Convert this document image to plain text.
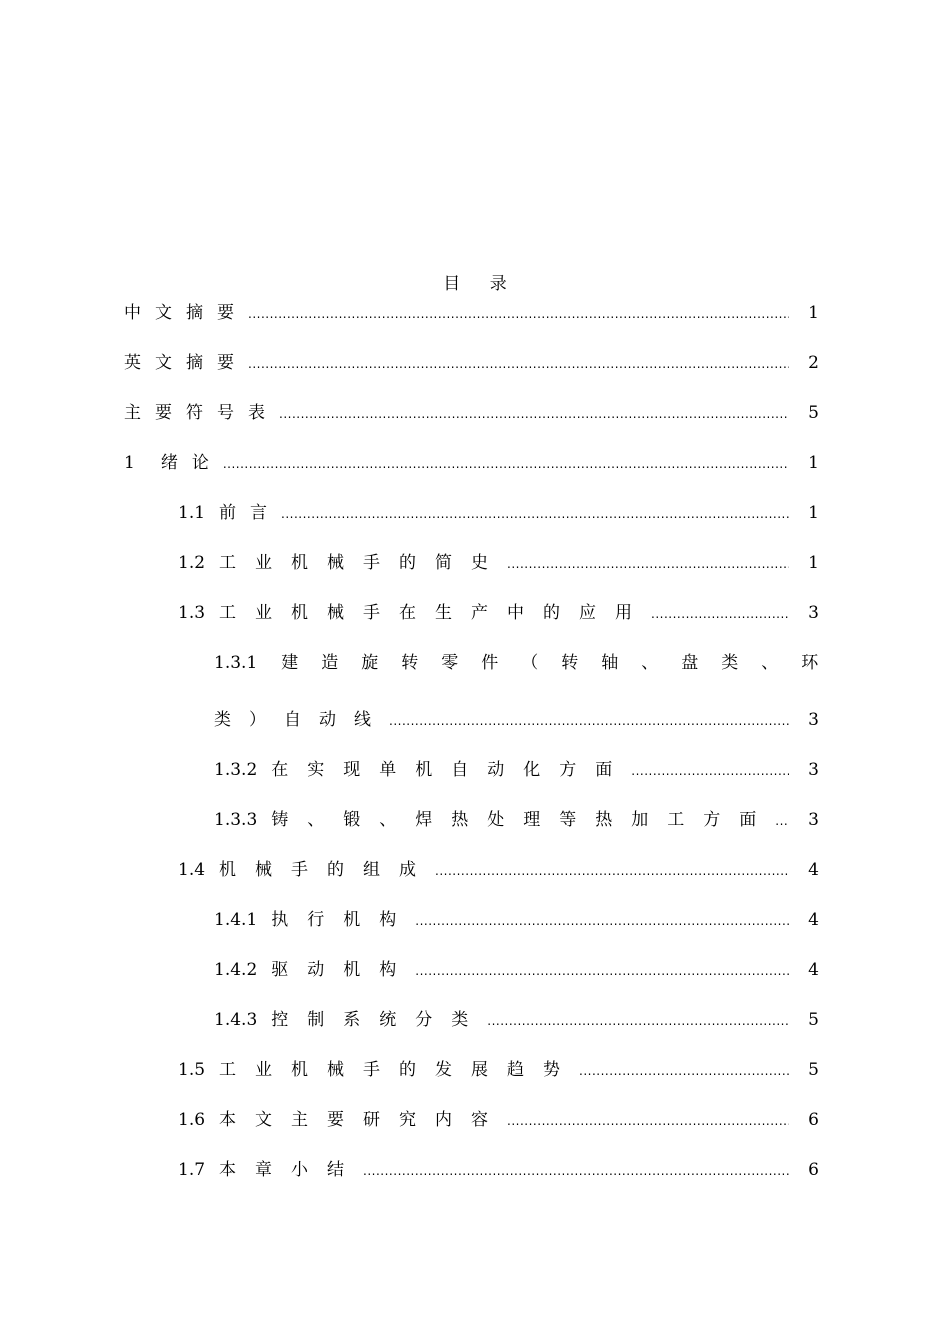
目 录
中文摘要 .....	1
英文摘要 .....	2
主要符号表 .....	5
1 绪论 .....	1
1.1 前言 .....	1
1.2 工业机械手的简史 .....	1
1.3 工业机械手在生产中的应用 .....	3
1.3.1 建造旋转零件（转轴、盘类、环
类）自动线 .....	3
1.3.2 在实现单机自动化方面 .....	3
1.3.3 铸、锻、焊热处理等热加工方面 ..... 3
1.4 机械手的组成 .....	4
1.4.1 执行机构 .....	4
1.4.2 驱动机构 .....	4
1.4.3 控制系统分类 .....	5
1.5 工业机械手的发展趋势 .....	5
1.6 本文主要研究内容 .....	6
1.7 本章小结 .....	6
